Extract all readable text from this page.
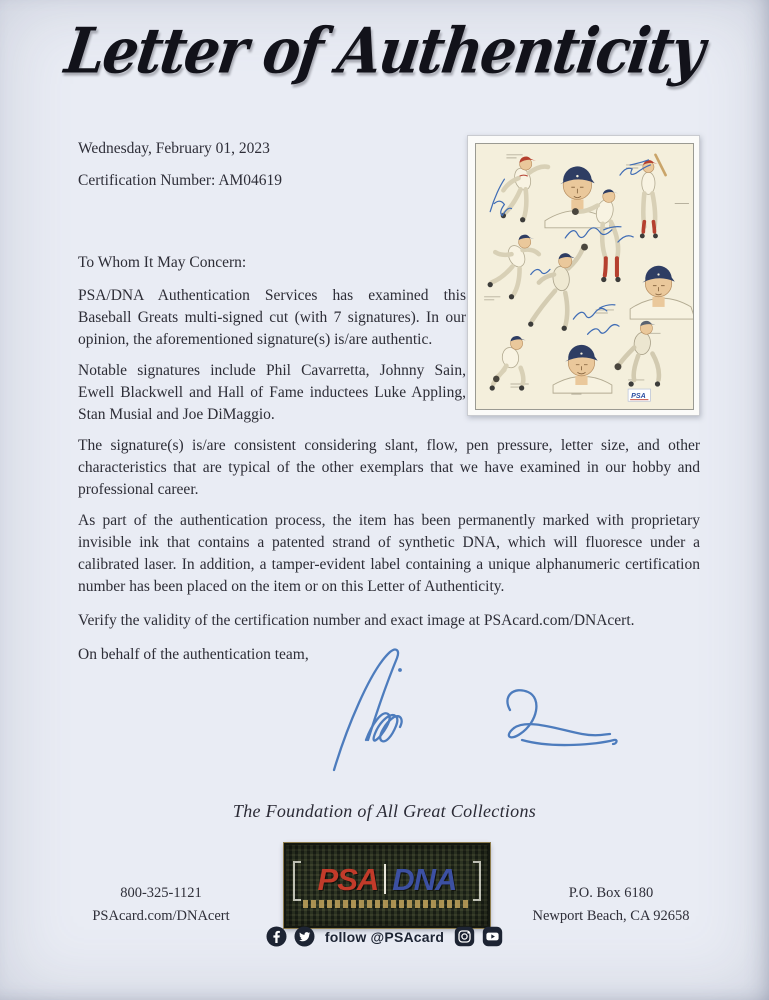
Letter of Authenticity
Wednesday, February 01, 2023
Certification Number: AM04619
PSA

To Whom It May Concern:

PSA/DNA Authentication Services has examined this Baseball Greats multi-signed cut (with 7 signatures). In our opinion, the aforementioned signature(s) is/are authentic.

Notable signatures include Phil Cavarretta, Johnny Sain, Ewell Blackwell and Hall of Fame inductees Luke Appling, Stan Musial and Joe DiMaggio.

The signature(s) is/are consistent considering slant, flow, pen pressure, letter size, and other characteristics that are typical of the other exemplars that we have examined in our hobby and professional career.

As part of the authentication process, the item has been permanently marked with proprietary invisible ink that contains a patented strand of synthetic DNA, which will fluoresce under a calibrated laser. In addition, a tamper-evident label containing a unique alphanumeric certification number has been placed on the item or on this Letter of Authenticity.

Verify the validity of the certification number and exact image at PSAcard.com/DNAcert.

On behalf of the authentication team,

The Foundation of All Great Collections
PSA DNA
800-325-1121
PSAcard.com/DNAcert
P.O. Box 6180
Newport Beach, CA 92658
follow @PSAcard
